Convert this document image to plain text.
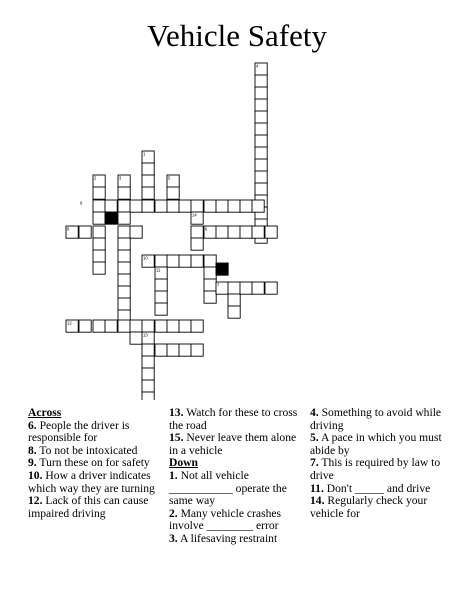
Vehicle Safety
9
4
1
2	3	5
8
10
12
13
14
6
7
11
Across
6. People the driver is responsible for
8. To not be intoxicated
9. Turn these on for safety
10. How a driver indicates which way they are turning
12. Lack of this can cause impaired driving
13. Watch for these to cross the road
15. Never leave them alone in a vehicle
Down
1. Not all vehicle ___________ operate the same way
2. Many vehicle crashes involve ________ error
3. A lifesaving restraint
4. Something to avoid while driving
5. A pace in which you must abide by
7. This is required by law to drive
11. Don't _____ and drive
14. Regularly check your vehicle for
